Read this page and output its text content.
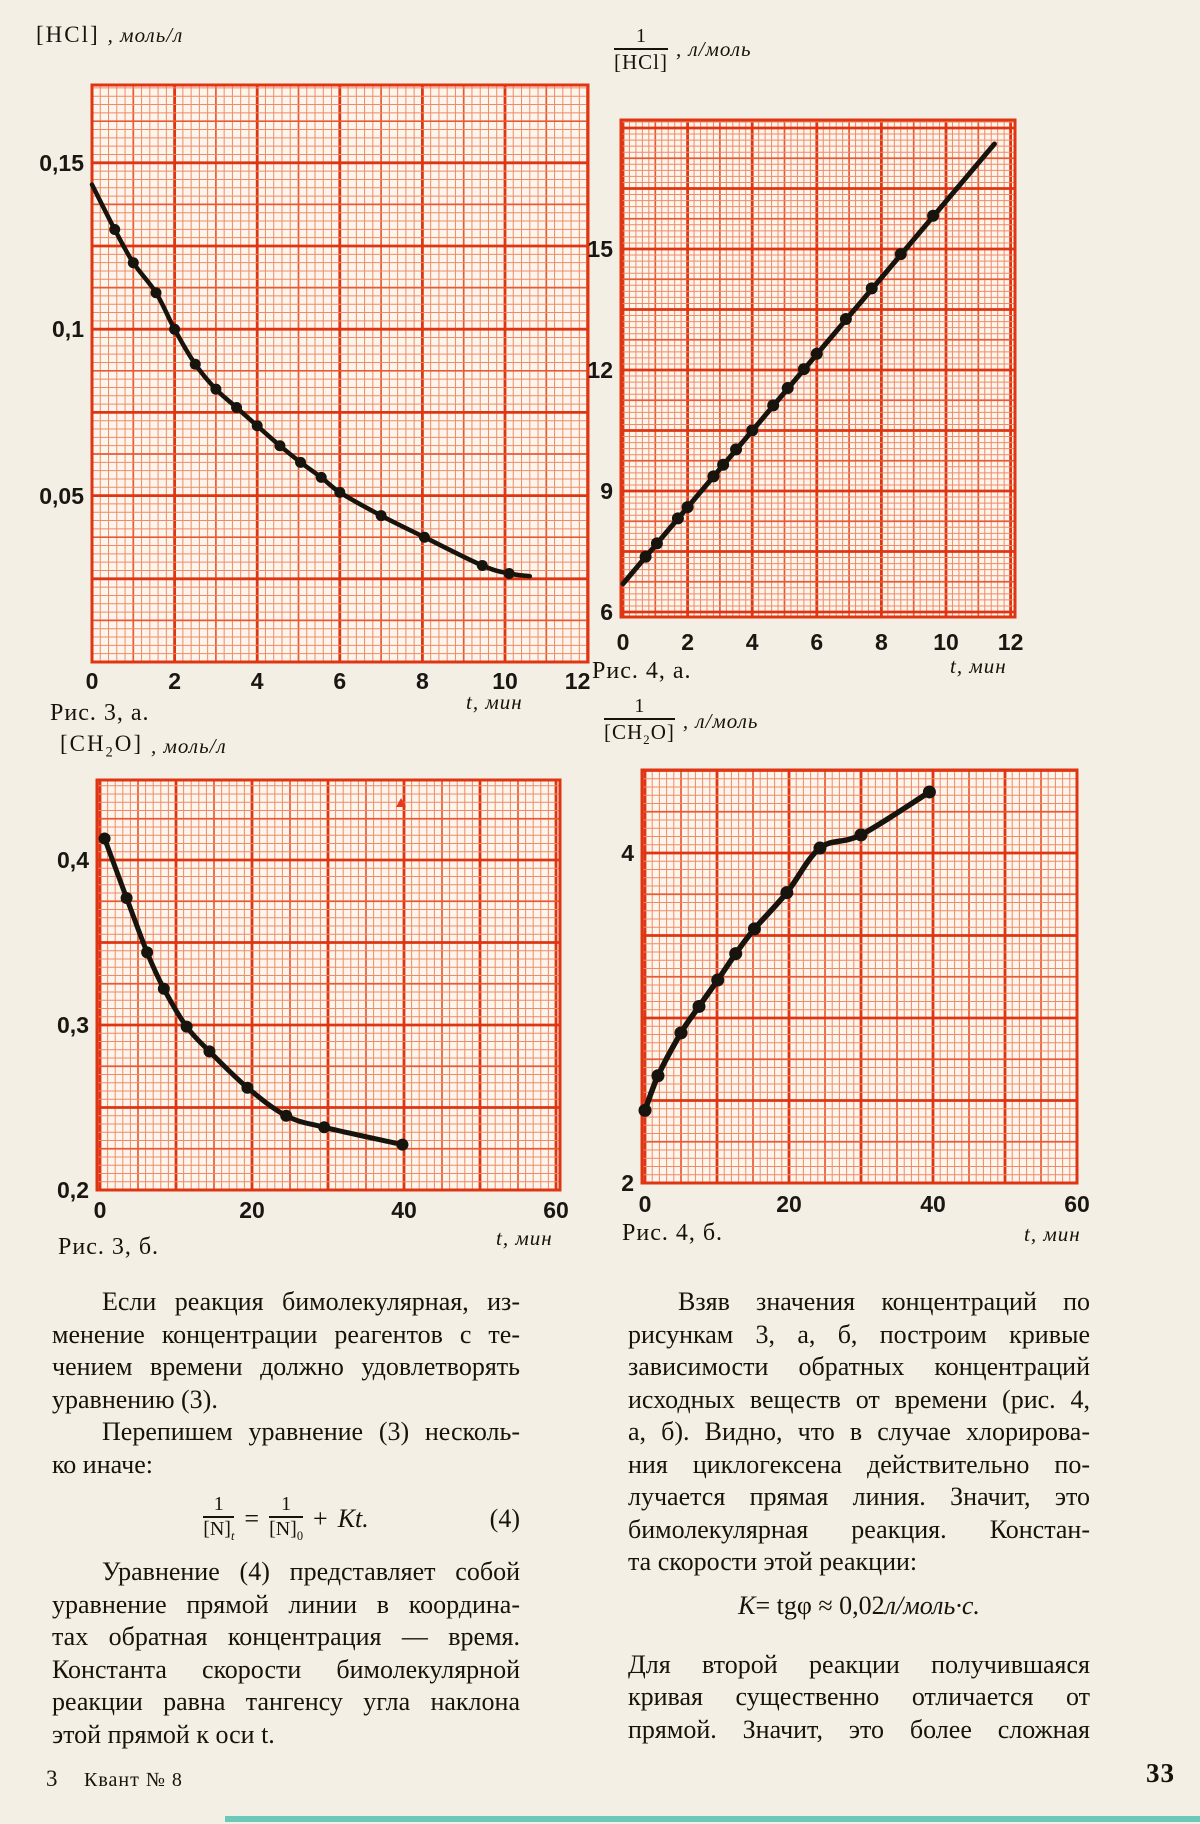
0	2	4	6	8	10	12
0,05
0,1
0,15
0	2	4	6	8	10	12
6
9
12
15
0	20	40	60
0,2
0,3
0,4
0	20	40	60
2
4
[HCl] , моль/л	$\frac{1}{\text{[HCl]}}$ , л/моль
$[CH_2O]$ , моль/л	$\frac{1}{[CH_2O]}$ , л/моль
Рис. 3, а.
Рис. 4, а.
Рис. 3, б.
Рис. 4, б.
t, мин
t, мин
t, мин	t, мин
Если реакция бимолекулярная, из-
менение концентрации реагентов с те-
чением времени должно удовлетворять
уравнению (3).
Перепишем уравнение (3) несколь-
ко иначе:
$\frac{1}{[N]_t} = \frac{1}{[N]_0} + Kt$.	(4)
Уравнение (4) представляет собой
уравнение прямой линии в координа-
тах обратная концентрация — время.
Константа скорости бимолекулярной
реакции равна тангенсу угла наклона
этой прямой к оси t.
Взяв значения концентраций по
рисункам 3, а, б, построим кривые
зависимости обратных концентраций
исходных веществ от времени (рис. 4,
а, б). Видно, что в случае хлорирова-
ния циклогексена действительно по-
лучается прямая линия. Значит, это
бимолекулярная реакция. Констан-
та скорости этой реакции:
K = tgφ ≈ 0,02 л/моль·с.
Для второй реакции получившаяся
кривая существенно отличается от
прямой. Значит, это более сложная
3 Квант № 8	33
